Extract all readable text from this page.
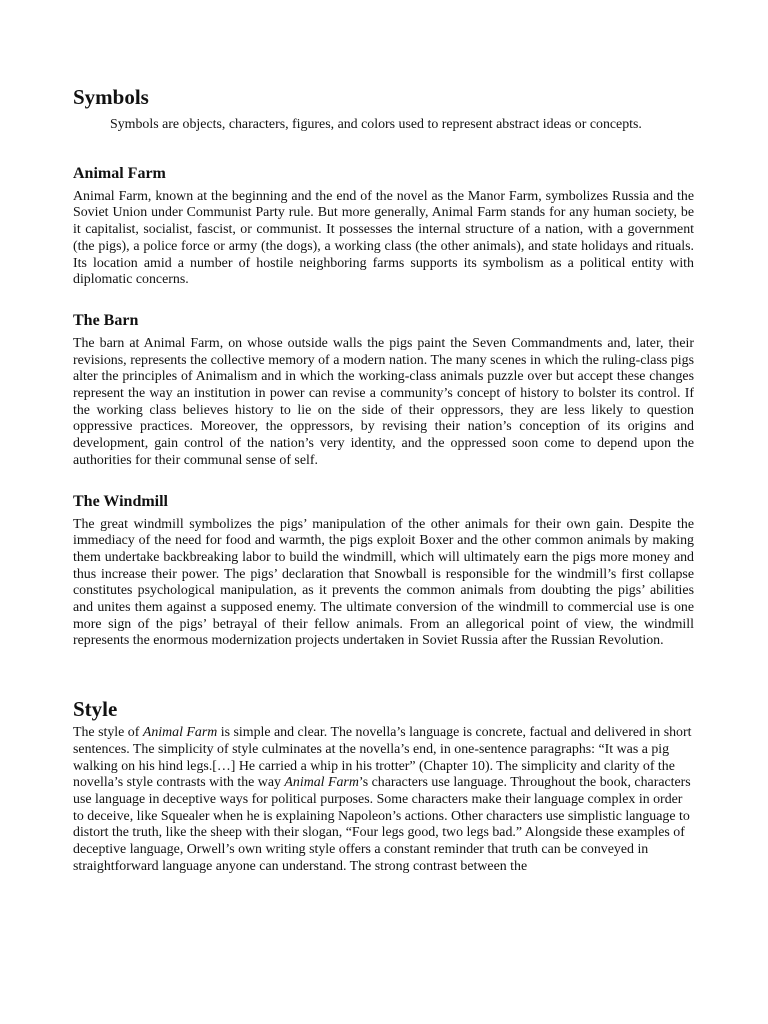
Symbols

Symbols are objects, characters, figures, and colors used to represent abstract ideas or concepts.

Animal Farm

Animal Farm, known at the beginning and the end of the novel as the Manor Farm, symbolizes Russia and the Soviet Union under Communist Party rule. But more generally, Animal Farm stands for any human society, be it capitalist, socialist, fascist, or communist. It possesses the internal structure of a nation, with a government (the pigs), a police force or army (the dogs), a working class (the other animals), and state holidays and rituals. Its location amid a number of hostile neighboring farms supports its symbolism as a political entity with diplomatic concerns.

The Barn

The barn at Animal Farm, on whose outside walls the pigs paint the Seven Commandments and, later, their revisions, represents the collective memory of a modern nation. The many scenes in which the ruling-class pigs alter the principles of Animalism and in which the working-class animals puzzle over but accept these changes represent the way an institution in power can revise a community’s concept of history to bolster its control. If the working class believes history to lie on the side of their oppressors, they are less likely to question oppressive practices. Moreover, the oppressors, by revising their nation’s conception of its origins and development, gain control of the nation’s very identity, and the oppressed soon come to depend upon the authorities for their communal sense of self.

The Windmill

The great windmill symbolizes the pigs’ manipulation of the other animals for their own gain. Despite the immediacy of the need for food and warmth, the pigs exploit Boxer and the other common animals by making them undertake backbreaking labor to build the windmill, which will ultimately earn the pigs more money and thus increase their power. The pigs’ declaration that Snowball is responsible for the windmill’s first collapse constitutes psychological manipulation, as it prevents the common animals from doubting the pigs’ abilities and unites them against a supposed enemy. The ultimate conversion of the windmill to commercial use is one more sign of the pigs’ betrayal of their fellow animals. From an allegorical point of view, the windmill represents the enormous modernization projects undertaken in Soviet Russia after the Russian Revolution.

Style

The style of Animal Farm is simple and clear. The novella’s language is concrete, factual and delivered in short sentences. The simplicity of style culminates at the novella’s end, in one-sentence paragraphs: “It was a pig walking on his hind legs.[…] He carried a whip in his trotter” (Chapter 10). The simplicity and clarity of the novella’s style contrasts with the way Animal Farm’s characters use language. Throughout the book, characters use language in deceptive ways for political purposes. Some characters make their language complex in order to deceive, like Squealer when he is explaining Napoleon’s actions. Other characters use simplistic language to distort the truth, like the sheep with their slogan, “Four legs good, two legs bad.” Alongside these examples of deceptive language, Orwell’s own writing style offers a constant reminder that truth can be conveyed in straightforward language anyone can understand. The strong contrast between the
